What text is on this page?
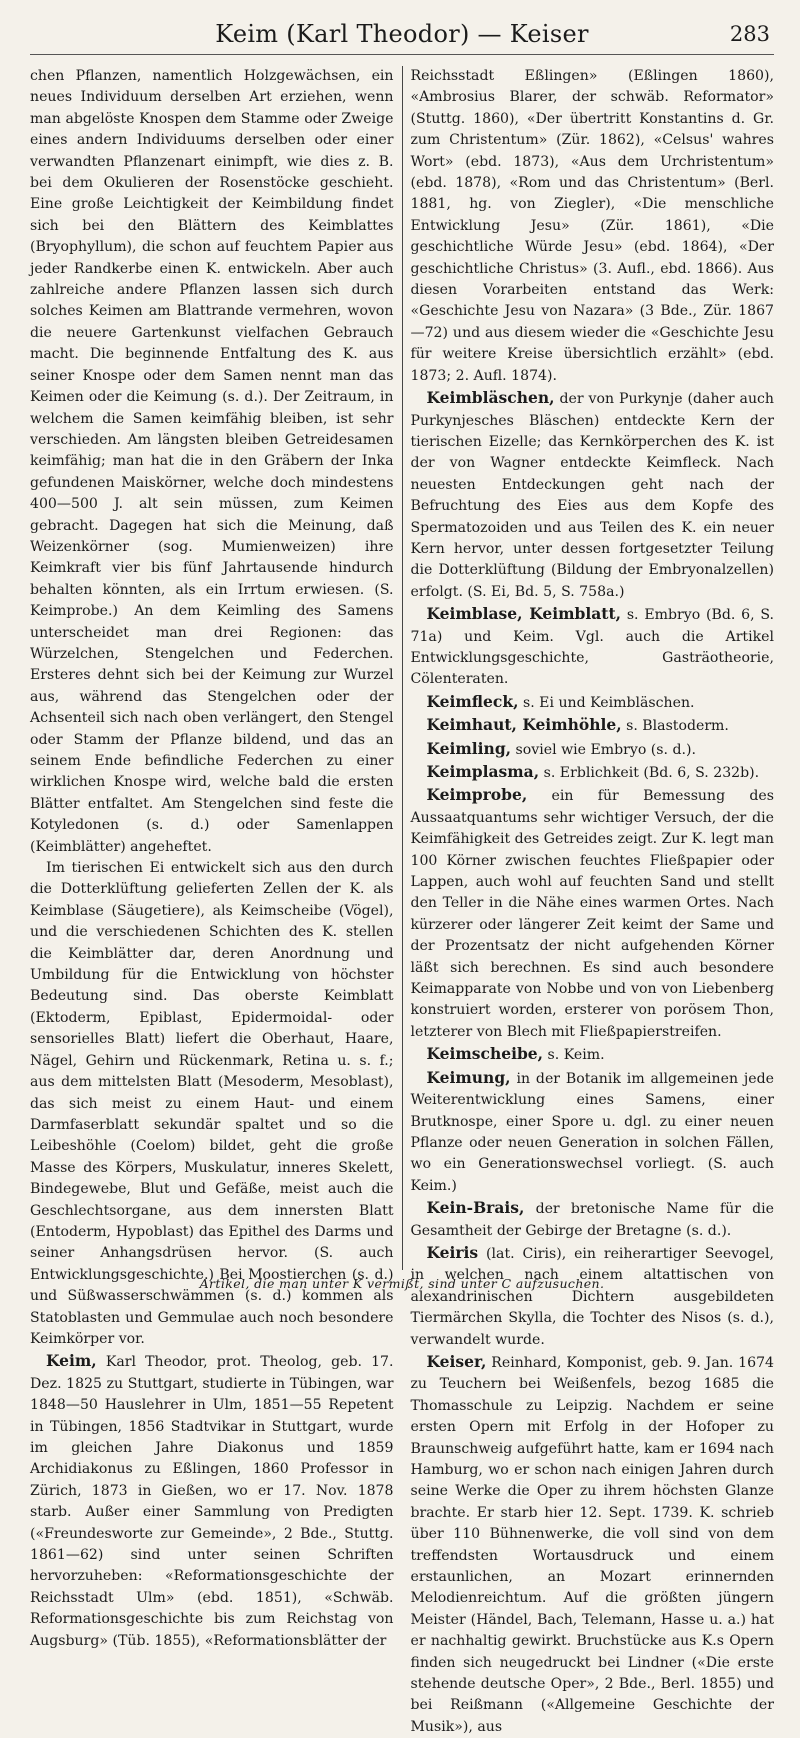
Keim (Karl Theodor) — Keiser	283

chen Pflanzen, namentlich Holzgewächsen, ein neues Individuum derselben Art erziehen, wenn man abgelöste Knospen dem Stamme oder Zweige eines andern Individuums derselben oder einer verwandten Pflanzenart einimpft, wie dies z. B. bei dem Okulieren der Rosenstöcke geschieht. Eine große Leichtigkeit der Keimbildung findet sich bei den Blättern des Keimblattes (Bryophyllum), die schon auf feuchtem Papier aus jeder Randkerbe einen K. entwickeln. Aber auch zahlreiche andere Pflanzen lassen sich durch solches Keimen am Blattrande vermehren, wovon die neuere Gartenkunst vielfachen Gebrauch macht. Die beginnende Entfaltung des K. aus seiner Knospe oder dem Samen nennt man das Keimen oder die Keimung (s. d.). Der Zeitraum, in welchem die Samen keimfähig bleiben, ist sehr verschieden. Am längsten bleiben Getreidesamen keimfähig; man hat die in den Gräbern der Inka gefundenen Maiskörner, welche doch mindestens 400—500 J. alt sein müssen, zum Keimen gebracht. Dagegen hat sich die Meinung, daß Weizenkörner (sog. Mumienweizen) ihre Keimkraft vier bis fünf Jahrtausende hindurch behalten könnten, als ein Irrtum erwiesen. (S. Keimprobe.) An dem Keimling des Samens unterscheidet man drei Regionen: das Würzelchen, Stengelchen und Federchen. Ersteres dehnt sich bei der Keimung zur Wurzel aus, während das Stengelchen oder der Achsenteil sich nach oben verlängert, den Stengel oder Stamm der Pflanze bildend, und das an seinem Ende befindliche Federchen zu einer wirklichen Knospe wird, welche bald die ersten Blätter entfaltet. Am Stengelchen sind feste die Kotyledonen (s. d.) oder Samenlappen (Keimblätter) angeheftet.

Im tierischen Ei entwickelt sich aus den durch die Dotterklüftung gelieferten Zellen der K. als Keimblase (Säugetiere), als Keimscheibe (Vögel), und die verschiedenen Schichten des K. stellen die Keimblätter dar, deren Anordnung und Umbildung für die Entwicklung von höchster Bedeutung sind. Das oberste Keimblatt (Ektoderm, Epiblast, Epidermoidal- oder sensorielles Blatt) liefert die Oberhaut, Haare, Nägel, Gehirn und Rückenmark, Retina u. s. f.; aus dem mittelsten Blatt (Mesoderm, Mesoblast), das sich meist zu einem Haut- und einem Darmfaserblatt sekundär spaltet und so die Leibeshöhle (Coelom) bildet, geht die große Masse des Körpers, Muskulatur, inneres Skelett, Bindegewebe, Blut und Gefäße, meist auch die Geschlechtsorgane, aus dem innersten Blatt (Entoderm, Hypoblast) das Epithel des Darms und seiner Anhangsdrüsen hervor. (S. auch Entwicklungsgeschichte.) Bei Moostierchen (s. d.) und Süßwasserschwämmen (s. d.) kommen als Statoblasten und Gemmulae auch noch besondere Keimkörper vor.

Keim, Karl Theodor, prot. Theolog, geb. 17. Dez. 1825 zu Stuttgart, studierte in Tübingen, war 1848—50 Hauslehrer in Ulm, 1851—55 Repetent in Tübingen, 1856 Stadtvikar in Stuttgart, wurde im gleichen Jahre Diakonus und 1859 Archidiakonus zu Eßlingen, 1860 Professor in Zürich, 1873 in Gießen, wo er 17. Nov. 1878 starb. Außer einer Sammlung von Predigten («Freundesworte zur Gemeinde», 2 Bde., Stuttg. 1861—62) sind unter seinen Schriften hervorzuheben: «Reformationsgeschichte der Reichsstadt Ulm» (ebd. 1851), «Schwäb. Reformationsgeschichte bis zum Reichstag von Augsburg» (Tüb. 1855), «Reformationsblätter der

Reichsstadt Eßlingen» (Eßlingen 1860), «Ambrosius Blarer, der schwäb. Reformator» (Stuttg. 1860), «Der übertritt Konstantins d. Gr. zum Christentum» (Zür. 1862), «Celsus' wahres Wort» (ebd. 1873), «Aus dem Urchristentum» (ebd. 1878), «Rom und das Christentum» (Berl. 1881, hg. von Ziegler), «Die menschliche Entwicklung Jesu» (Zür. 1861), «Die geschichtliche Würde Jesu» (ebd. 1864), «Der geschichtliche Christus» (3. Aufl., ebd. 1866). Aus diesen Vorarbeiten entstand das Werk: «Geschichte Jesu von Nazara» (3 Bde., Zür. 1867—72) und aus diesem wieder die «Geschichte Jesu für weitere Kreise übersichtlich erzählt» (ebd. 1873; 2. Aufl. 1874).

Keimbläschen, der von Purkynje (daher auch Purkynjesches Bläschen) entdeckte Kern der tierischen Eizelle; das Kernkörperchen des K. ist der von Wagner entdeckte Keimfleck. Nach neuesten Entdeckungen geht nach der Befruchtung des Eies aus dem Kopfe des Spermatozoiden und aus Teilen des K. ein neuer Kern hervor, unter dessen fortgesetzter Teilung die Dotterklüftung (Bildung der Embryonalzellen) erfolgt. (S. Ei, Bd. 5, S. 758a.)

Keimblase, Keimblatt, s. Embryo (Bd. 6, S. 71a) und Keim. Vgl. auch die Artikel Entwicklungsgeschichte, Gasträotheorie, Cölenteraten.

Keimfleck, s. Ei und Keimbläschen.

Keimhaut, Keimhöhle, s. Blastoderm.

Keimling, soviel wie Embryo (s. d.).

Keimplasma, s. Erblichkeit (Bd. 6, S. 232b).

Keimprobe, ein für Bemessung des Aussaatquantums sehr wichtiger Versuch, der die Keimfähigkeit des Getreides zeigt. Zur K. legt man 100 Körner zwischen feuchtes Fließpapier oder Lappen, auch wohl auf feuchten Sand und stellt den Teller in die Nähe eines warmen Ortes. Nach kürzerer oder längerer Zeit keimt der Same und der Prozentsatz der nicht aufgehenden Körner läßt sich berechnen. Es sind auch besondere Keimapparate von Nobbe und von von Liebenberg konstruiert worden, ersterer von porösem Thon, letzterer von Blech mit Fließpapierstreifen.

Keimscheibe, s. Keim.

Keimung, in der Botanik im allgemeinen jede Weiterentwicklung eines Samens, einer Brutknospe, einer Spore u. dgl. zu einer neuen Pflanze oder neuen Generation in solchen Fällen, wo ein Generationswechsel vorliegt. (S. auch Keim.)

Kein-Brais, der bretonische Name für die Gesamtheit der Gebirge der Bretagne (s. d.).

Keiris (lat. Ciris), ein reiherartiger Seevogel, in welchen nach einem altattischen von alexandrinischen Dichtern ausgebildeten Tiermärchen Skylla, die Tochter des Nisos (s. d.), verwandelt wurde.

Keiser, Reinhard, Komponist, geb. 9. Jan. 1674 zu Teuchern bei Weißenfels, bezog 1685 die Thomasschule zu Leipzig. Nachdem er seine ersten Opern mit Erfolg in der Hofoper zu Braunschweig aufgeführt hatte, kam er 1694 nach Hamburg, wo er schon nach einigen Jahren durch seine Werke die Oper zu ihrem höchsten Glanze brachte. Er starb hier 12. Sept. 1739. K. schrieb über 110 Bühnenwerke, die voll sind von dem treffendsten Wortausdruck und einem erstaunlichen, an Mozart erinnernden Melodienreichtum. Auf die größten jüngern Meister (Händel, Bach, Telemann, Hasse u. a.) hat er nachhaltig gewirkt. Bruchstücke aus K.s Opern finden sich neugedruckt bei Lindner («Die erste stehende deutsche Oper», 2 Bde., Berl. 1855) und bei Reißmann («Allgemeine Geschichte der Musik»), aus

Artikel, die man unter K vermißt, sind unter C aufzusuchen.
